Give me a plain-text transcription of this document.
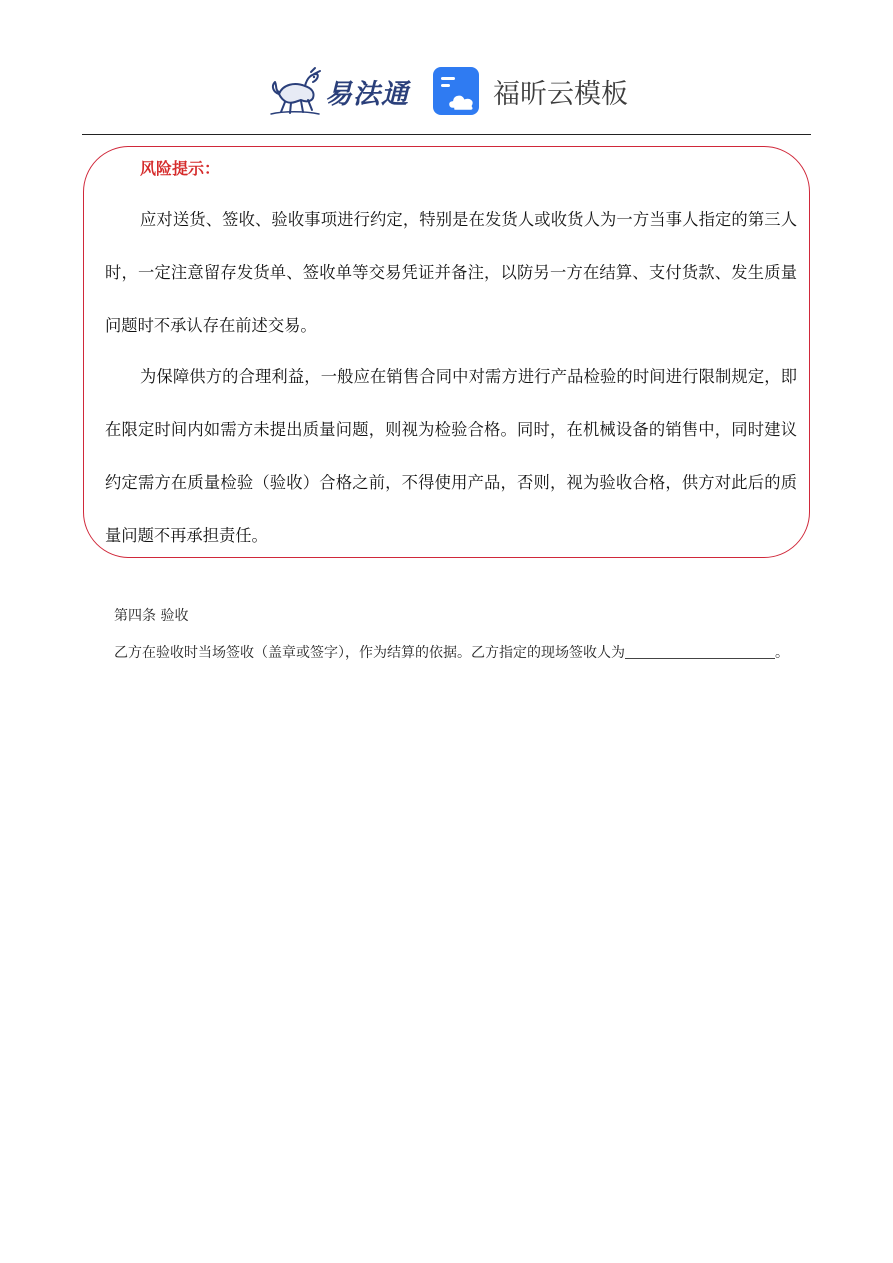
易法通	福昕云模板
风险提示：

应对送货、签收、验收事项进行约定，特别是在发货人或收货人为一方当事人指定的第三人时，一定注意留存发货单、签收单等交易凭证并备注，以防另一方在结算、支付货款、发生质量问题时不承认存在前述交易。

为保障供方的合理利益，一般应在销售合同中对需方进行产品检验的时间进行限制规定，即在限定时间内如需方未提出质量问题，则视为检验合格。同时，在机械设备的销售中，同时建议约定需方在质量检验（验收）合格之前，不得使用产品，否则，视为验收合格，供方对此后的质量问题不再承担责任。

第四条 验收

乙方在验收时当场签收（盖章或签字），作为结算的依据。乙方指定的现场签收人为	。
